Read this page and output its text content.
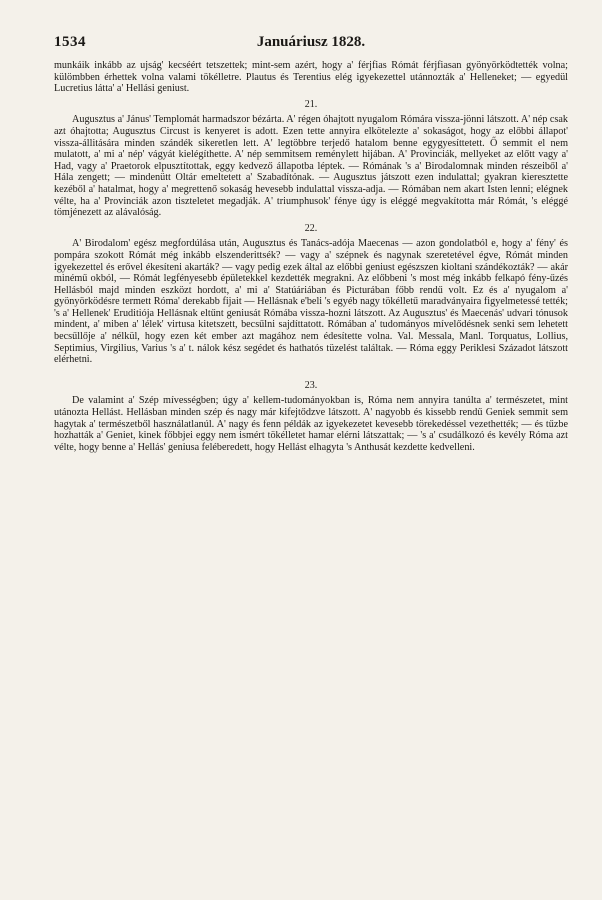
1534	Januáriusz 1828.

munkáik inkább az ujság' kecséért tetszettek; mint-sem azért, hogy a' férjfias Rómát férjfiasan gyönyörködtették volna; külömbben érhettek volna valami tökélletre. Plautus és Terentius elég igyekezettel utánnozták a' Helleneket; — egyedül Lucretius látta' a' Hellási geniust.

21.

Augusztus a' Jánus' Templomát harmadszor bézárta. A' régen óhajtott nyugalom Rómára vissza-jönni látszott. A' nép csak azt óhajtotta; Augusztus Circust is kenyeret is adott. Ezen tette annyira elkötelezte a' sokaságot, hogy az előbbi állapot' vissza-állitására minden szándék sikeretlen lett. A' legtöbbre terjedő hatalom benne egygyesíttetett. Ő semmit el nem mulatott, a' mi a' nép' vágyát kielégíthette. A' nép semmitsem reménylett hijában. A' Provinciák, mellyeket az előtt vagy a' Had, vagy a' Praetorok elpusztítottak, eggy kedvező állapotba léptek. — Rómának 's a' Birodalomnak minden részeiből a' Hála zengett; — mindenütt Oltár emeltetett a' Szabadítónak. — Augusztus játszott ezen indulattal; gyakran kieresztette kezéből a' hatalmat, hogy a' megrettenő sokaság hevesebb indulattal vissza-adja. — Rómában nem akart Isten lenni; elégnek vélte, ha a' Provinciák azon tiszteletet megadják. A' triumphusok' fénye úgy is eléggé megvakította már Rómát, 's eléggé tömjénezett az alávalóság.

22.

A' Birodalom' egész megfordúlása után, Augusztus és Tanács-adója Maecenas — azon gondolatból e, hogy a' fény' és pompára szokott Rómát még inkább elszenderittsék? — vagy a' szépnek és nagynak szeretetével égve, Rómát minden igyekezettel és erővel ékesíteni akarták? — vagy pedig ezek által az előbbi geniust egészszen kioltani szándékozták? — akár minémű okból, — Rómát legfényesebb épületekkel kezdették megrakni. Az előbbeni 's most még inkább felkapó fény-űzés Hellásból majd minden eszközt hordott, a' mi a' Statúáriában és Picturában főbb rendű volt. Ez és a' nyugalom a' gyönyörködésre termett Róma' derekabb fijait — Hellásnak e'beli 's egyéb nagy tökélletű maradványaira figyelmetessé tették; 's a' Hellenek' Eruditiója Hellásnak eltűnt geniusát Rómába vissza-hozni látszott. Az Augusztus' és Maecenás' udvari tónusok mindent, a' miben a' lélek' virtusa kitetszett, becsűlni sajdíttatott. Rómában a' tudományos mívelődésnek senki sem lehetett becsűllője a' nélkül, hogy ezen két ember azt magához nem édesítette volna. Val. Messala, Manl. Torquatus, Lollius, Septimius, Virgilius, Varius 's a' t. nálok kész segédet és hathatós tüzelést találtak. — Róma eggy Periklesi Századot látszott elérhetni.

23.

De valamint a' Szép mívességben; úgy a' kellem-tudományokban is, Róma nem annyira tanúlta a' természetet, mint utánozta Hellást. Hellásban minden szép és nagy már kifejtődzve látszott. A' nagyobb és kissebb rendű Geniek semmit sem hagytak a' természetből használatlanúl. A' nagy és fenn példák az igyekezetet kevesebb törekedéssel vezethették; — és tűzbe hozhatták a' Geniet, kinek főbbjei eggy nem ismért tökélletet hamar elérni látszattak; — 's a' csudálkozó és kevély Róma azt vélte, hogy benne a' Hellás' geniusa feléberedett, hogy Hellást elhagyta 's Anthusát kezdette kedvelleni.
